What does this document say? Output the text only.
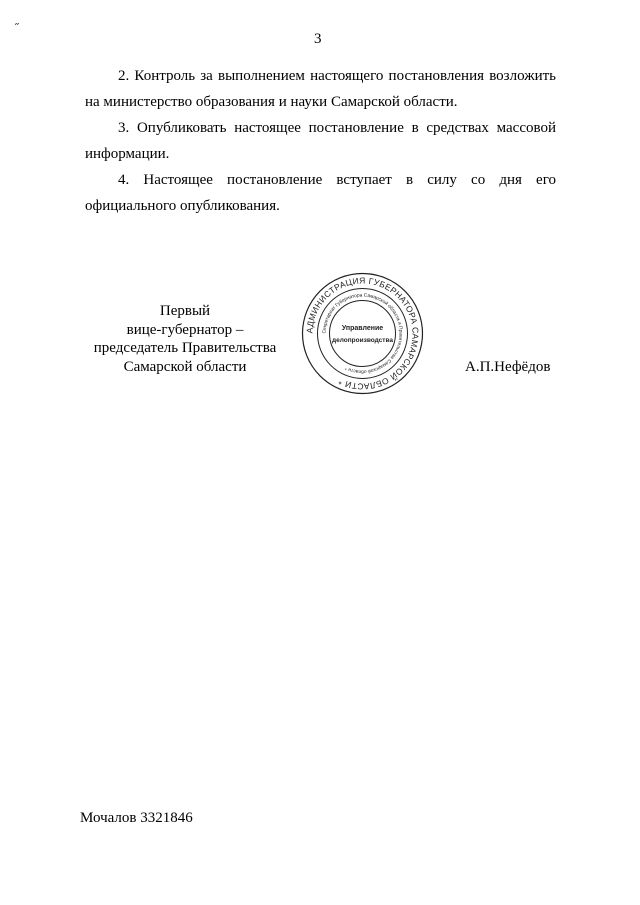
˶
3

2. Контроль за выполнением настоящего постановления возложить на министерство образования и науки Самарской области.

3. Опубликовать настоящее постановление в средствах массовой информации.

4. Настоящее постановление вступает в силу со дня его официального опубликования.

Первый
вице-губернатор –
председатель Правительства
Самарской области
АДМИНИСТРАЦИЯ ГУБЕРНАТОРА САМАРСКОЙ ОБЛАСТИ *
Секретариат Губернатора Самарской области и Правительства Самарской области *
Управление
делопроизводства
А.П.Нефёдов
Мочалов 3321846
